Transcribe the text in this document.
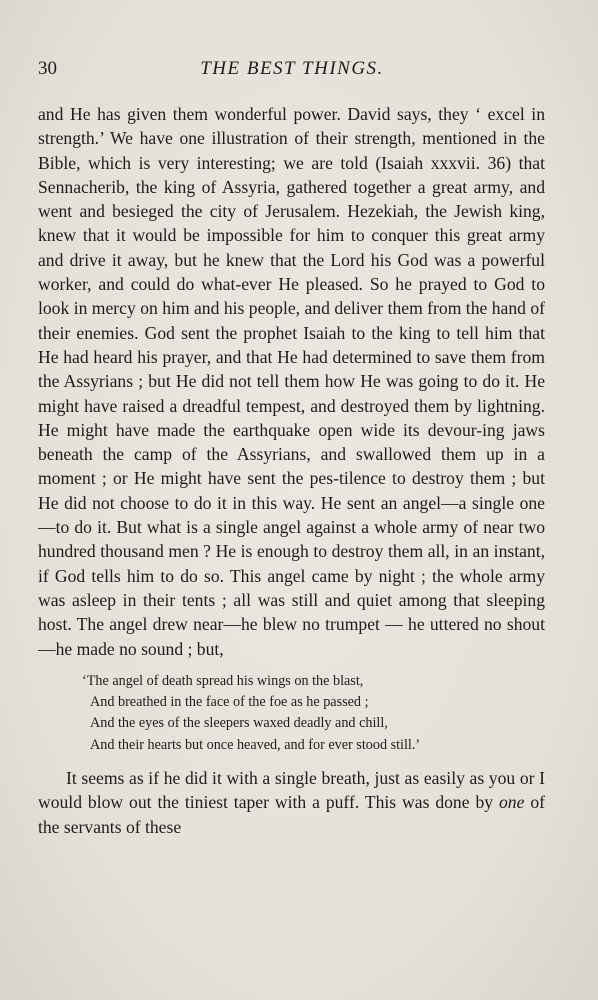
30	THE BEST THINGS.

and He has given them wonderful power. David says, they ‘ excel in strength.’ We have one illustration of their strength, mentioned in the Bible, which is very interesting; we are told (Isaiah xxxvii. 36) that Sennacherib, the king of Assyria, gathered together a great army, and went and besieged the city of Jerusalem. Hezekiah, the Jewish king, knew that it would be impossible for him to conquer this great army and drive it away, but he knew that the Lord his God was a powerful worker, and could do what-ever He pleased. So he prayed to God to look in mercy on him and his people, and deliver them from the hand of their enemies. God sent the prophet Isaiah to the king to tell him that He had heard his prayer, and that He had determined to save them from the Assyrians ; but He did not tell them how He was going to do it. He might have raised a dreadful tempest, and destroyed them by lightning. He might have made the earthquake open wide its devour-ing jaws beneath the camp of the Assyrians, and swallowed them up in a moment ; or He might have sent the pes-tilence to destroy them ; but He did not choose to do it in this way. He sent an angel—a single one—to do it. But what is a single angel against a whole army of near two hundred thousand men ? He is enough to destroy them all, in an instant, if God tells him to do so. This angel came by night ; the whole army was asleep in their tents ; all was still and quiet among that sleeping host. The angel drew near—he blew no trumpet — he uttered no shout—he made no sound ; but,

‘The angel of death spread his wings on the blast,
And breathed in the face of the foe as he passed ;
And the eyes of the sleepers waxed deadly and chill,
And their hearts but once heaved, and for ever stood still.’

It seems as if he did it with a single breath, just as easily as you or I would blow out the tiniest taper with a puff. This was done by one of the servants of these
